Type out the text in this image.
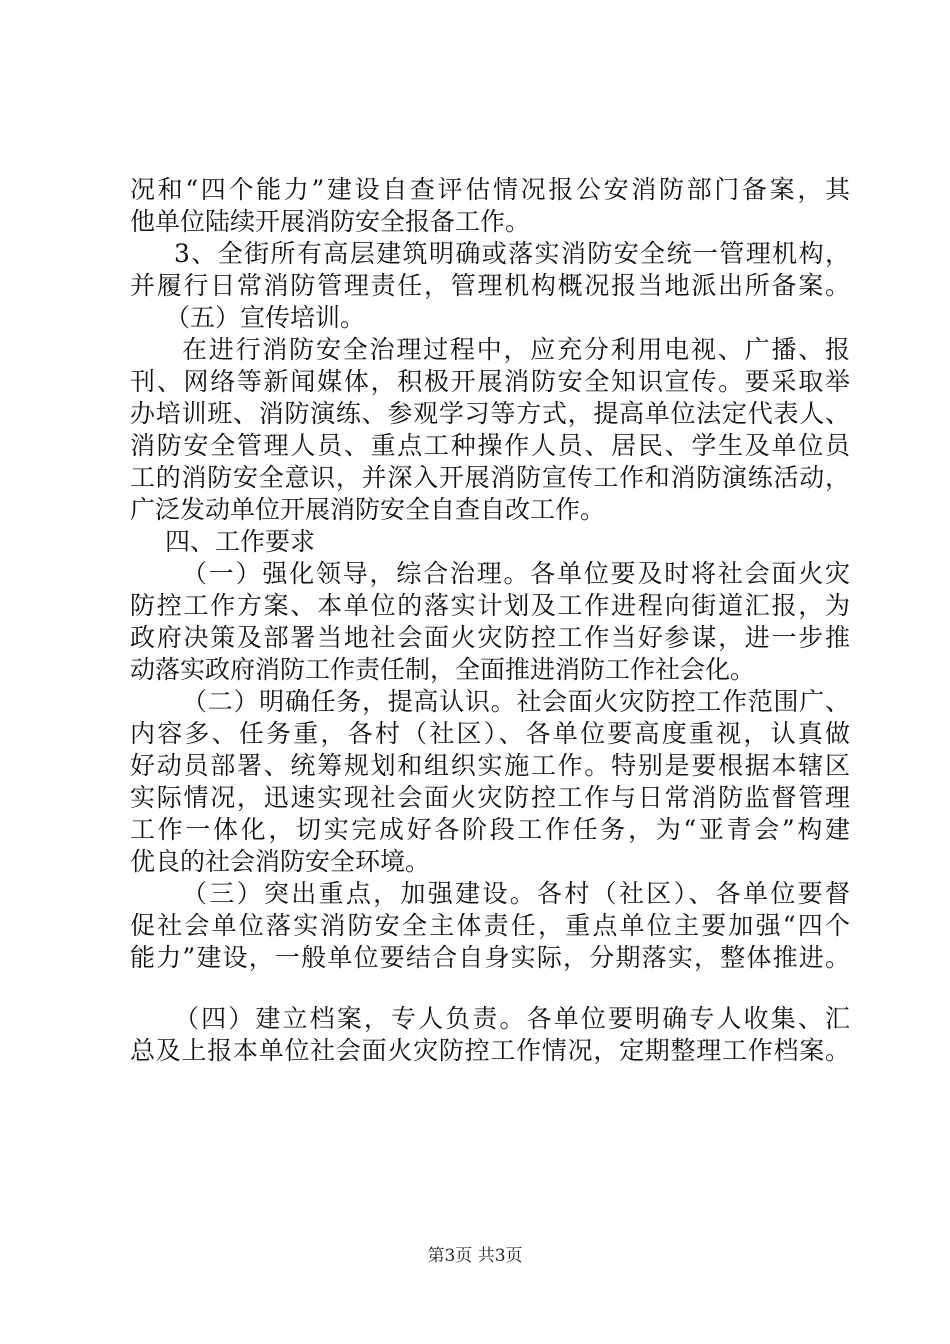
况和“四个能力”建设自查评估情况报公安消防部门备案，其
他单位陆续开展消防安全报备工作。
3、全街所有高层建筑明确或落实消防安全统一管理机构，
并履行日常消防管理责任，管理机构概况报当地派出所备案。
（五）宣传培训。
在进行消防安全治理过程中，应充分利用电视、广播、报
刊、网络等新闻媒体，积极开展消防安全知识宣传。要采取举
办培训班、消防演练、参观学习等方式，提高单位法定代表人、
消防安全管理人员、重点工种操作人员、居民、学生及单位员
工的消防安全意识，并深入开展消防宣传工作和消防演练活动，
广泛发动单位开展消防安全自查自改工作。
四、工作要求
（一）强化领导，综合治理。各单位要及时将社会面火灾
防控工作方案、本单位的落实计划及工作进程向街道汇报，为
政府决策及部署当地社会面火灾防控工作当好参谋，进一步推
动落实政府消防工作责任制，全面推进消防工作社会化。
（二）明确任务，提高认识。社会面火灾防控工作范围广、
内容多、任务重，各村（社区）、各单位要高度重视，认真做
好动员部署、统筹规划和组织实施工作。特别是要根据本辖区
实际情况，迅速实现社会面火灾防控工作与日常消防监督管理
工作一体化，切实完成好各阶段工作任务，为“亚青会”构建
优良的社会消防安全环境。
（三）突出重点，加强建设。各村（社区）、各单位要督
促社会单位落实消防安全主体责任，重点单位主要加强“四个
能力”建设，一般单位要结合自身实际，分期落实，整体推进。
（四）建立档案，专人负责。各单位要明确专人收集、汇
总及上报本单位社会面火灾防控工作情况，定期整理工作档案。
第3页 共3页
